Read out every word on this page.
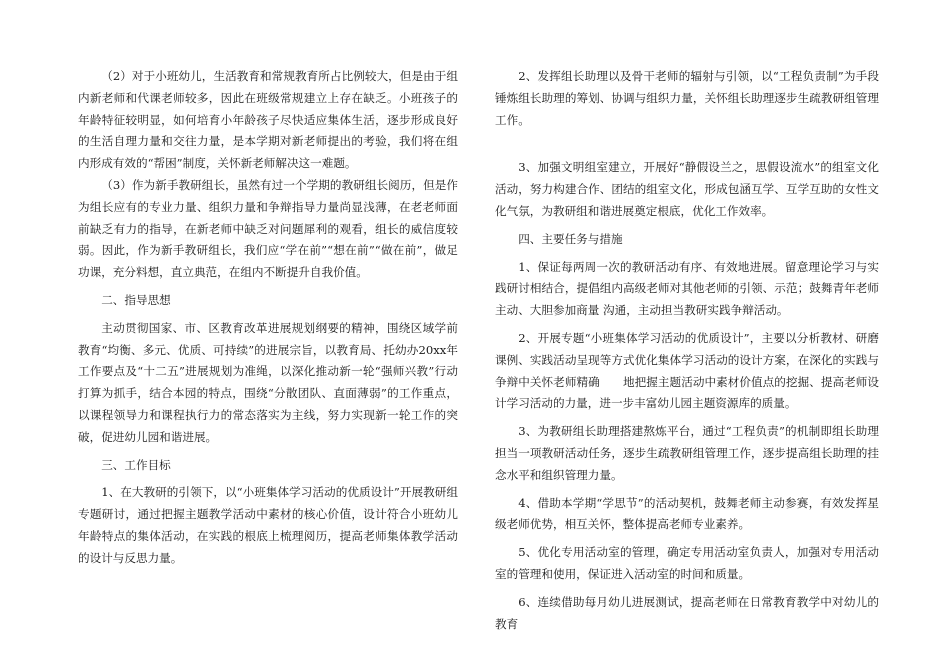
（2）对于小班幼儿，生活教育和常规教育所占比例较大，但是由于组内新老师和代课老师较多，因此在班级常规建立上存在缺乏。小班孩子的年龄特征较明显，如何培育小年龄孩子尽快适应集体生活，逐步形成良好的生活自理力量和交往力量，是本学期对新老师提出的考验，我们将在组内形成有效的“帮困”制度，关怀新老师解决这一难题。

（3）作为新手教研组长，虽然有过一个学期的教研组长阅历，但是作为组长应有的专业力量、组织力量和争辩指导力量尚显浅薄，在老老师面前缺乏有力的指导，在新老师中缺乏对问题犀利的观看，组长的威信度较弱。因此，作为新手教研组长，我们应“学在前”“想在前”“做在前”，做足功课，充分料想，直立典范，在组内不断提升自我价值。

二、指导思想

主动贯彻国家、市、区教育改革进展规划纲要的精神，围绕区域学前教育“均衡、多元、优质、可持续”的进展宗旨，以教育局、托幼办20xx年工作要点及“十二五”进展规划为准绳，以深化推动新一轮“强师兴教”行动打算为抓手，结合本园的特点，围绕“分散团队、直面薄弱”的工作重点，以课程领导力和课程执行力的常态落实为主线，努力实现新一轮工作的突破，促进幼儿园和谐进展。

三、工作目标

1、在大教研的引领下，以“小班集体学习活动的优质设计”开展教研组专题研讨，通过把握主题教学活动中素材的核心价值，设计符合小班幼儿年龄特点的集体活动，在实践的根底上梳理阅历，提高老师集体教学活动的设计与反思力量。

2、发挥组长助理以及骨干老师的辐射与引领，以“工程负责制”为手段锤炼组长助理的筹划、协调与组织力量，关怀组长助理逐步生疏教研组管理工作。

3、加强文明组室建立，开展好“静假设兰之，思假设流水”的组室文化活动，努力构建合作、团结的组室文化，形成包涵互学、互学互助的女性文化气氛，为教研组和谐进展奠定根底，优化工作效率。

四、主要任务与措施

1、保证每两周一次的教研活动有序、有效地进展。留意理论学习与实践研讨相结合，提倡组内高级老师对其他老师的引领、示范；鼓舞青年老师主动、大胆参加商量 沟通，主动担当教研实践争辩活动。

2、开展专题“小班集体学习活动的优质设计”，主要以分析教材、研磨课例、实践活动呈现等方式优化集体学习活动的设计方案，在深化的实践与争辩中关怀老师精确　　地把握主题活动中素材价值点的挖掘、提高老师设计学习活动的力量，进一步丰富幼儿园主题资源库的质量。

3、为教研组长助理搭建熬炼平台，通过“工程负责”的机制即组长助理担当一项教研活动任务，逐步生疏教研组管理工作，逐步提高组长助理的挂念水平和组织管理力量。

4、借助本学期“学思节”的活动契机，鼓舞老师主动参赛，有效发挥星级老师优势，相互关怀，整体提高老师专业素养。

5、优化专用活动室的管理，确定专用活动室负责人，加强对专用活动室的管理和使用，保证进入活动室的时间和质量。

6、连续借助每月幼儿进展测试，提高老师在日常教育教学中对幼儿的教育
